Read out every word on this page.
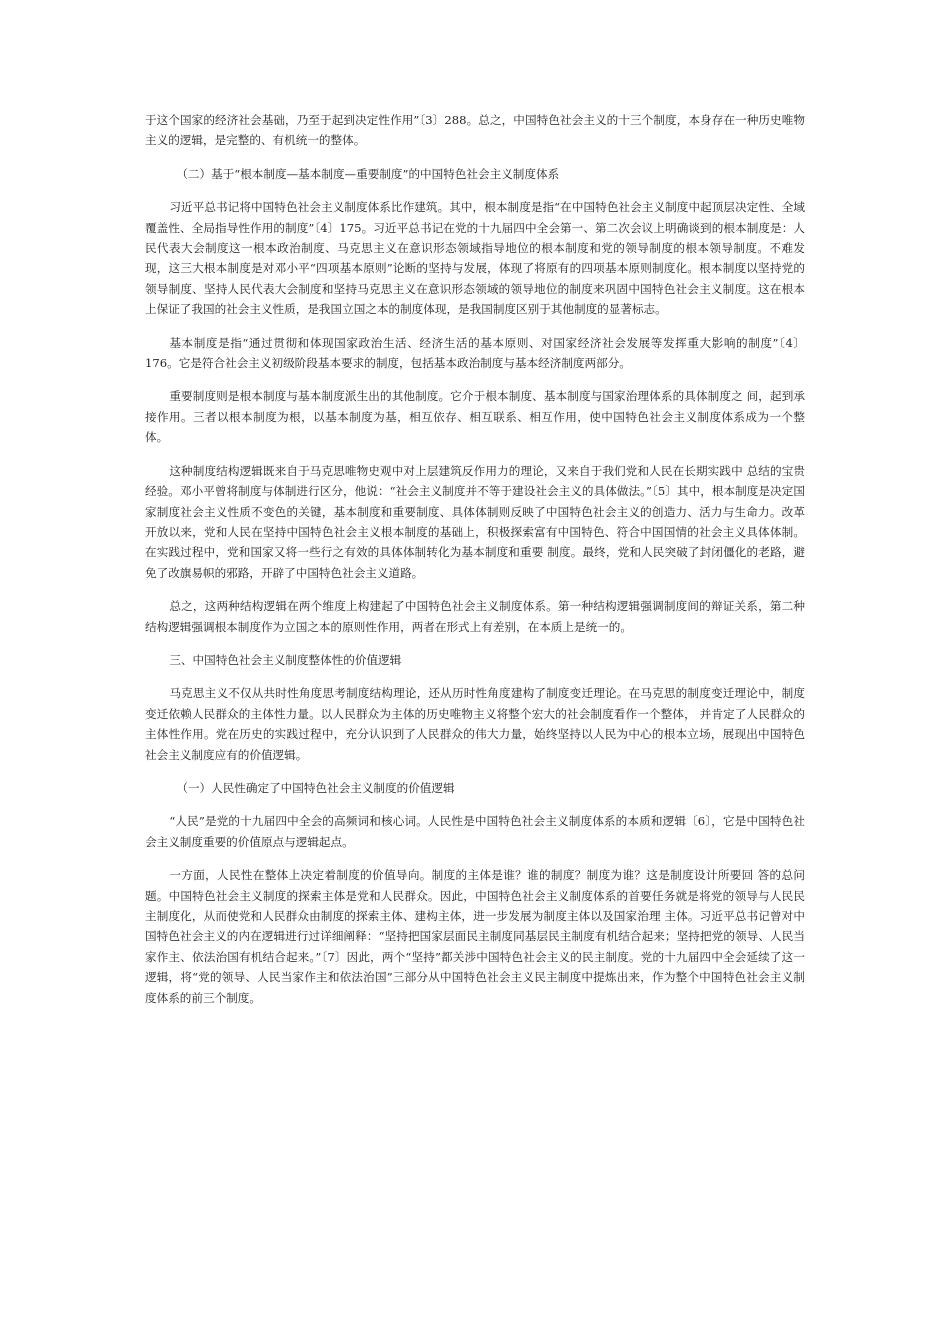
于这个国家的经济社会基础，乃至于起到决定性作用”〔3〕288。总之，中国特色社会主义的十三个制度，本身存在一种历史唯物主义的逻辑，是完整的、有机统一的整体。

（二）基于“根本制度—基本制度—重要制度”的中国特色社会主义制度体系

习近平总书记将中国特色社会主义制度体系比作建筑。其中，根本制度是指“在中国特色社会主义制度中起顶层决定性、全域覆盖性、全局指导性作用的制度”〔4〕175。习近平总书记在党的十九届四中全会第一、第二次会议上明确谈到的根本制度是：人民代表大会制度这一根本政治制度、马克思主义在意识形态领域指导地位的根本制度和党的领导制度的根本领导制度。不难发现，这三大根本制度是对邓小平“四项基本原则”论断的坚持与发展，体现了将原有的四项基本原则制度化。根本制度以坚持党的领导制度、坚持人民代表大会制度和坚持马克思主义在意识形态领域的领导地位的制度来巩固中国特色社会主义制度。这在根本上保证了我国的社会主义性质，是我国立国之本的制度体现，是我国制度区别于其他制度的显著标志。

基本制度是指“通过贯彻和体现国家政治生活、经济生活的基本原则、对国家经济社会发展等发挥重大影响的制度”〔4〕176。它是符合社会主义初级阶段基本要求的制度，包括基本政治制度与基本经济制度两部分。

重要制度则是根本制度与基本制度派生出的其他制度。它介于根本制度、基本制度与国家治理体系的具体制度之 间，起到承接作用。三者以根本制度为根，以基本制度为基，相互依存、相互联系、相互作用，使中国特色社会主义制度体系成为一个整体。

这种制度结构逻辑既来自于马克思唯物史观中对上层建筑反作用力的理论，又来自于我们党和人民在长期实践中 总结的宝贵经验。邓小平曾将制度与体制进行区分，他说：“社会主义制度并不等于建设社会主义的具体做法。”〔5〕其中，根本制度是决定国家制度社会主义性质不变色的关键，基本制度和重要制度、具体体制则反映了中国特色社会主义的创造力、活力与生命力。改革开放以来，党和人民在坚持中国特色社会主义根本制度的基础上，积极探索富有中国特色、符合中国国情的社会主义具体体制。在实践过程中，党和国家又将一些行之有效的具体体制转化为基本制度和重要 制度。最终，党和人民突破了封闭僵化的老路，避免了改旗易帜的邪路，开辟了中国特色社会主义道路。

总之，这两种结构逻辑在两个维度上构建起了中国特色社会主义制度体系。第一种结构逻辑强调制度间的辩证关系，第二种结构逻辑强调根本制度作为立国之本的原则性作用，两者在形式上有差别，在本质上是统一的。

三、中国特色社会主义制度整体性的价值逻辑

马克思主义不仅从共时性角度思考制度结构理论，还从历时性角度建构了制度变迁理论。在马克思的制度变迁理论中，制度变迁依赖人民群众的主体性力量。以人民群众为主体的历史唯物主义将整个宏大的社会制度看作一个整体， 并肯定了人民群众的主体性作用。党在历史的实践过程中，充分认识到了人民群众的伟大力量，始终坚持以人民为中心的根本立场，展现出中国特色社会主义制度应有的价值逻辑。

（一）人民性确定了中国特色社会主义制度的价值逻辑

“人民”是党的十九届四中全会的高频词和核心词。人民性是中国特色社会主义制度体系的本质和逻辑〔6〕，它是中国特色社会主义制度重要的价值原点与逻辑起点。

一方面，人民性在整体上决定着制度的价值导向。制度的主体是谁？谁的制度？制度为谁？这是制度设计所要回 答的总问题。中国特色社会主义制度的探索主体是党和人民群众。因此，中国特色社会主义制度体系的首要任务就是将党的领导与人民民主制度化，从而使党和人民群众由制度的探索主体、建构主体，进一步发展为制度主体以及国家治理 主体。习近平总书记曾对中国特色社会主义的内在逻辑进行过详细阐释：“坚持把国家层面民主制度同基层民主制度有机结合起来；坚持把党的领导、人民当家作主、依法治国有机结合起来。”〔7〕因此，两个“坚持”都关涉中国特色社会主义的民主制度。党的十九届四中全会延续了这一逻辑，将“党的领导、人民当家作主和依法治国”三部分从中国特色社会主义民主制度中提炼出来，作为整个中国特色社会主义制度体系的前三个制度。
